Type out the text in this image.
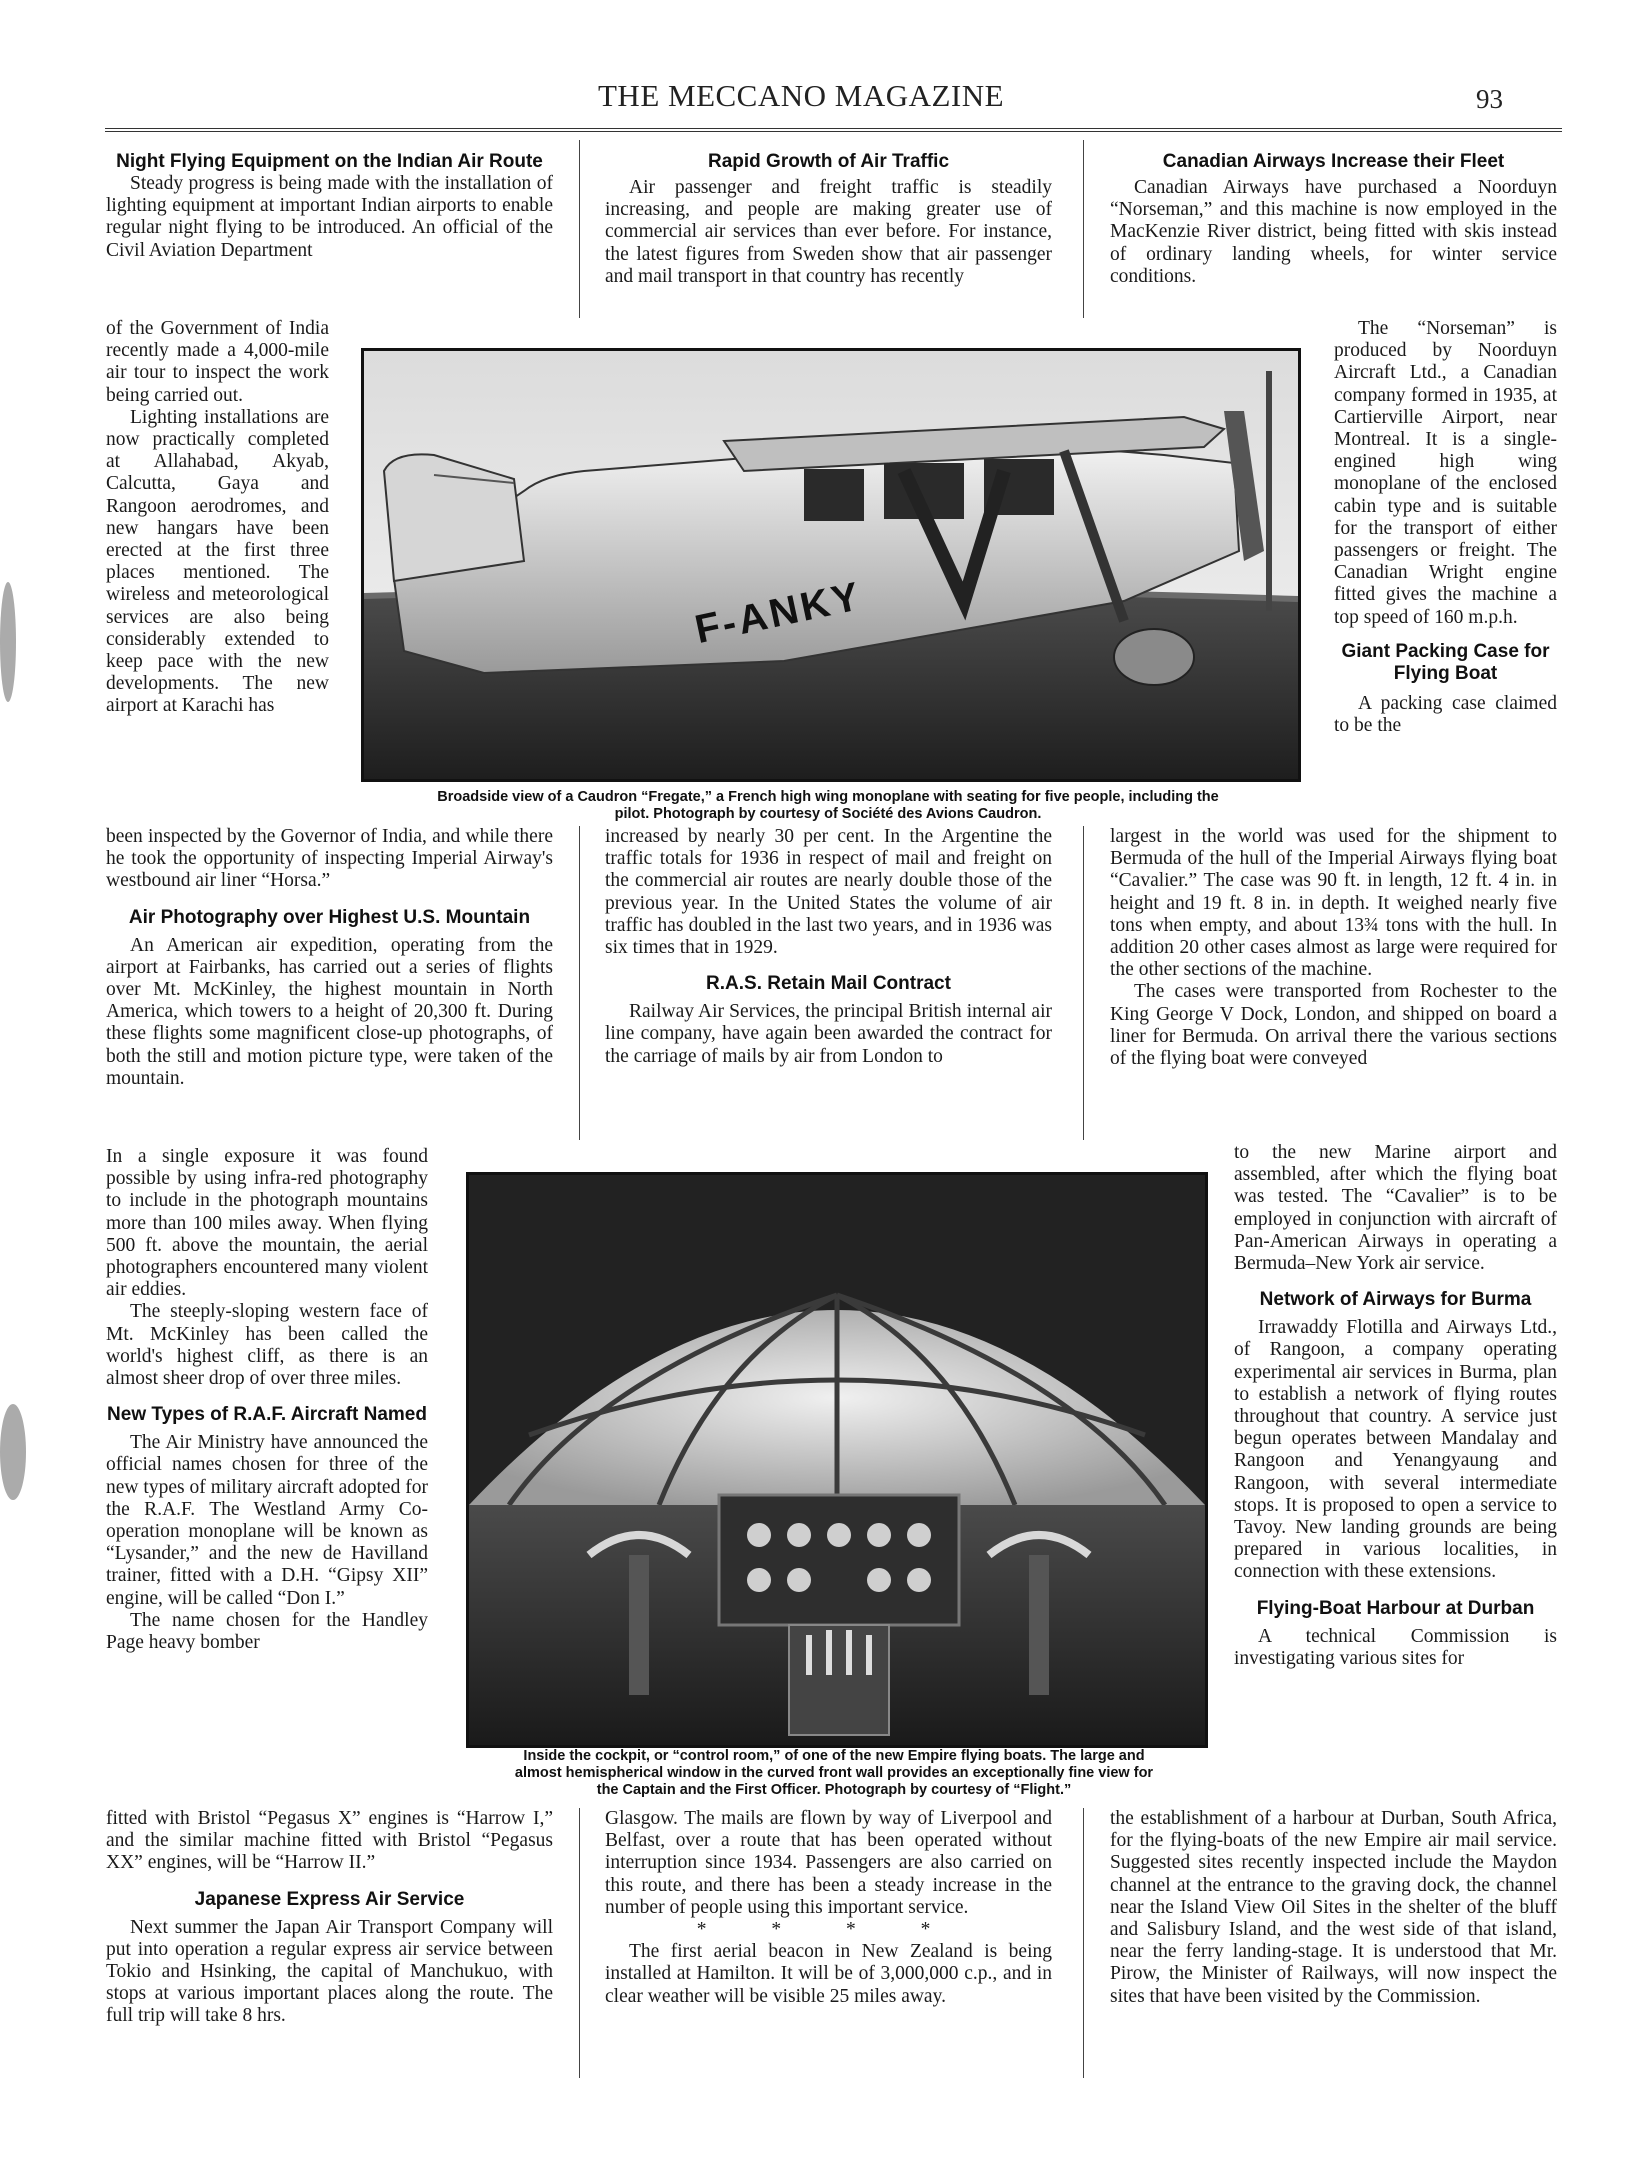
THE MECCANO MAGAZINE	93
Night Flying Equipment on the Indian Air Route

Steady progress is being made with the installation of lighting equipment at important Indian airports to enable regular night flying to be introduced. An official of the Civil Aviation Department

of the Government of India recently made a 4,000-mile air tour to inspect the work being carried out.

Lighting installations are now practically completed at Allahabad, Akyab, Calcutta, Gaya and Rangoon aerodromes, and new hangars have been erected at the first three places mentioned. The wireless and meteorological services are also being considerably extended to keep pace with the new developments. The new airport at Karachi has

been inspected by the Governor of India, and while there he took the opportunity of inspecting Imperial Airway's westbound air liner “Horsa.”

Air Photography over Highest U.S. Mountain

An American air expedition, operating from the airport at Fairbanks, has carried out a series of flights over Mt. McKinley, the highest mountain in North America, which towers to a height of 20,300 ft. During these flights some magnificent close-up photographs, of both the still and motion picture type, were taken of the mountain.

In a single exposure it was found possible by using infra-red photography to include in the photograph mountains more than 100 miles away. When flying 500 ft. above the mountain, the aerial photographers encountered many violent air eddies.

The steeply-sloping western face of Mt. McKinley has been called the world's highest cliff, as there is an almost sheer drop of over three miles.

New Types of R.A.F. Aircraft Named

The Air Ministry have announced the official names chosen for three of the new types of military aircraft adopted for the R.A.F. The Westland Army Co-operation monoplane will be known as “Lysander,” and the new de Havilland trainer, fitted with a D.H. “Gipsy XII” engine, will be called “Don I.”

The name chosen for the Handley Page heavy bomber

fitted with Bristol “Pegasus X” engines is “Harrow I,” and the similar machine fitted with Bristol “Pegasus XX” engines, will be “Harrow II.”

Japanese Express Air Service

Next summer the Japan Air Transport Company will put into operation a regular express air service between Tokio and Hsinking, the capital of Manchukuo, with stops at various important places along the route. The full trip will take 8 hrs.

Rapid Growth of Air Traffic

Air passenger and freight traffic is steadily increasing, and people are making greater use of commercial air services than ever before. For instance, the latest figures from Sweden show that air passenger and mail transport in that country has recently

increased by nearly 30 per cent. In the Argentine the traffic totals for 1936 in respect of mail and freight on the commercial air routes are nearly double those of the previous year. In the United States the volume of air traffic has doubled in the last two years, and in 1936 was six times that in 1929.

R.A.S. Retain Mail Contract

Railway Air Services, the principal British internal air line company, have again been awarded the contract for the carriage of mails by air from London to

Glasgow. The mails are flown by way of Liverpool and Belfast, over a route that has been operated without interruption since 1934. Passengers are also carried on this route, and there has been a steady increase in the number of people using this important service.

* * * *

The first aerial beacon in New Zealand is being installed at Hamilton. It will be of 3,000,000 c.p., and in clear weather will be visible 25 miles away.

Canadian Airways Increase their Fleet

Canadian Airways have purchased a Noorduyn “Norseman,” and this machine is now employed in the MacKenzie River district, being fitted with skis instead of ordinary landing wheels, for winter service conditions.

The “Norseman” is produced by Noorduyn Aircraft Ltd., a Canadian company formed in 1935, at Cartierville Airport, near Montreal. It is a single-engined high wing monoplane of the enclosed cabin type and is suitable for the transport of either passengers or freight. The Canadian Wright engine fitted gives the machine a top speed of 160 m.p.h.

Giant Packing Case for Flying Boat

A packing case claimed to be the

largest in the world was used for the shipment to Bermuda of the hull of the Imperial Airways flying boat “Cavalier.” The case was 90 ft. in length, 12 ft. 4 in. in height and 19 ft. 8 in. in depth. It weighed nearly five tons when empty, and about 13¾ tons with the hull. In addition 20 other cases almost as large were required for the other sections of the machine.

The cases were transported from Rochester to the King George V Dock, London, and shipped on board a liner for Bermuda. On arrival there the various sections of the flying boat were conveyed

to the new Marine airport and assembled, after which the flying boat was tested. The “Cavalier” is to be employed in conjunction with aircraft of Pan-American Airways in operating a Bermuda–New York air service.

Network of Airways for Burma

Irrawaddy Flotilla and Airways Ltd., of Rangoon, a company operating experimental air services in Burma, plan to establish a network of flying routes throughout that country. A service just begun operates between Mandalay and Rangoon and Yenangyaung and Rangoon, with several intermediate stops. It is proposed to open a service to Tavoy. New landing grounds are being prepared in various localities, in connection with these extensions.

Flying-Boat Harbour at Durban

A technical Commission is investigating various sites for

the establishment of a harbour at Durban, South Africa, for the flying-boats of the new Empire air mail service. Suggested sites recently inspected include the Maydon channel at the entrance to the graving dock, the channel near the Island View Oil Sites in the shelter of the bluff and Salisbury Island, and the west side of that island, near the ferry landing-stage. It is understood that Mr. Pirow, the Minister of Railways, will now inspect the sites that have been visited by the Commission.

F-ANKY
Broadside view of a Caudron “Fregate,” a French high wing monoplane with seating for five people, including the
pilot. Photograph by courtesy of Société des Avions Caudron.
Inside the cockpit, or “control room,” of one of the new Empire flying boats. The large and
almost hemispherical window in the curved front wall provides an exceptionally fine view for
the Captain and the First Officer. Photograph by courtesy of “Flight.”
